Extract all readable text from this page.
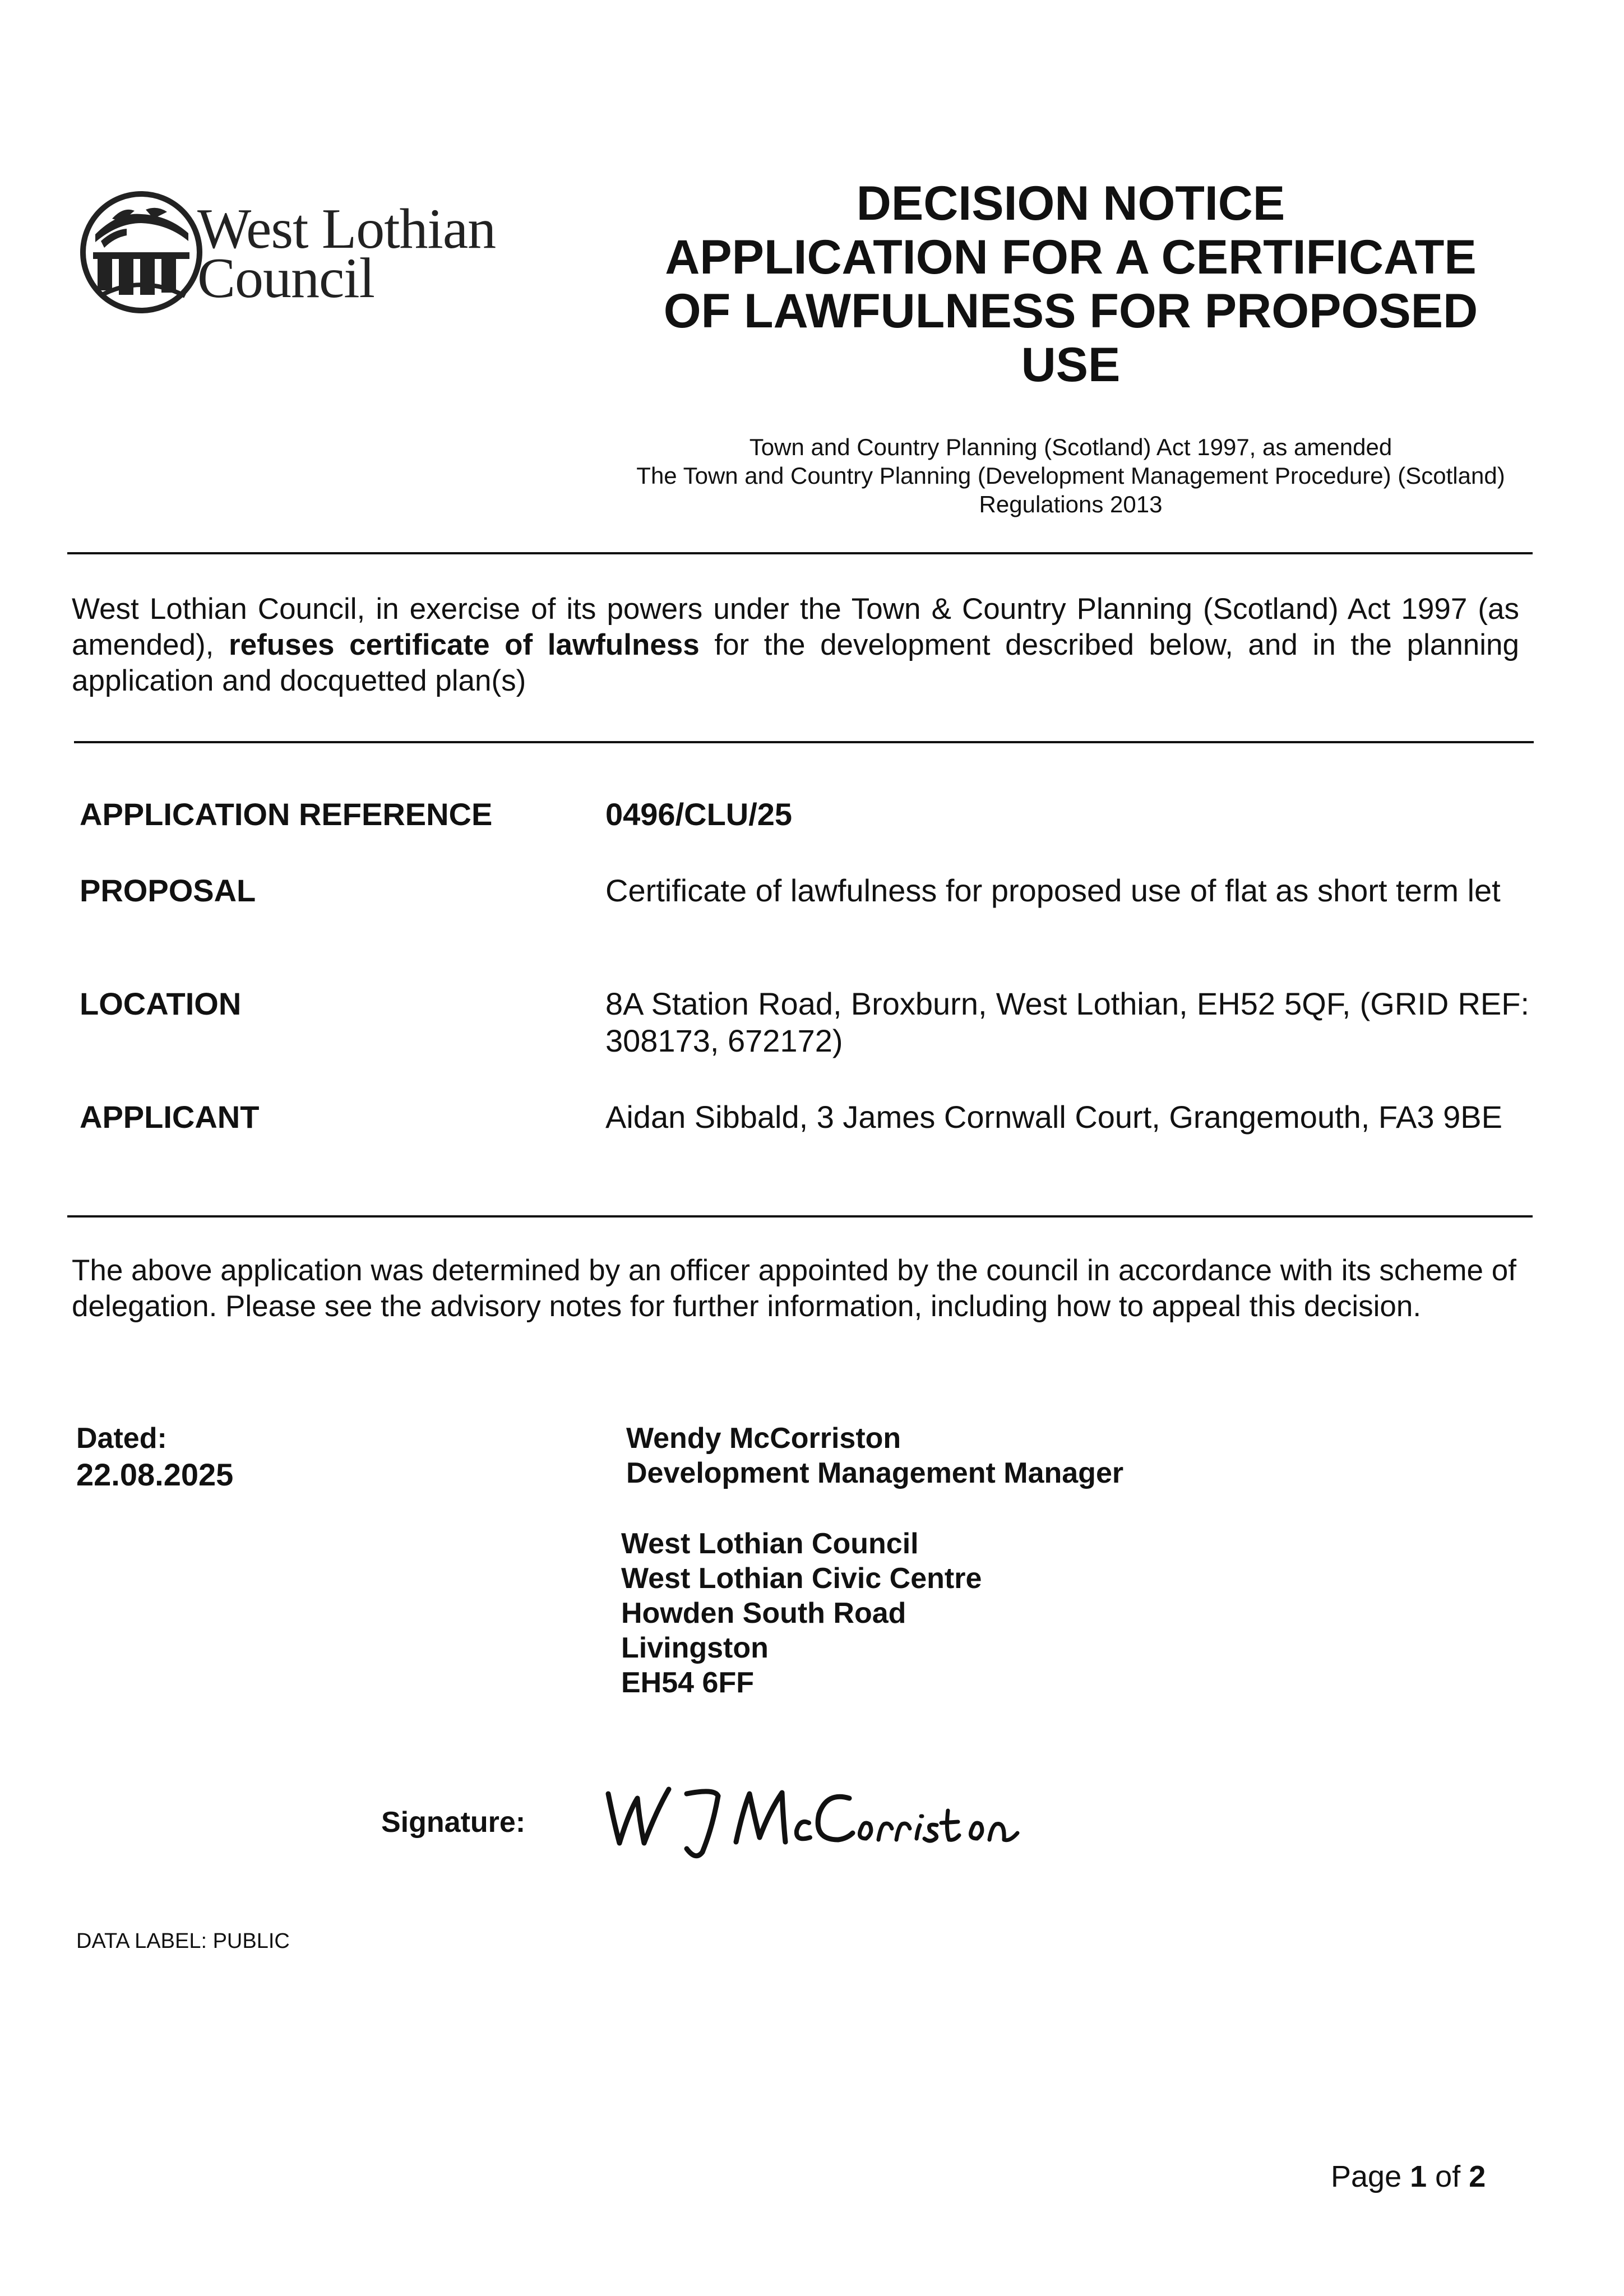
West Lothian
Council
DECISION NOTICE
APPLICATION FOR A CERTIFICATE
OF LAWFULNESS FOR PROPOSED
USE
Town and Country Planning (Scotland) Act 1997, as amended
The Town and Country Planning (Development Management Procedure) (Scotland)
Regulations 2013
West Lothian Council, in exercise of its powers under the Town & Country Planning (Scotland) Act 1997 (as amended), refuses certificate of lawfulness for the development described below, and in the planning application and docquetted plan(s)
APPLICATION REFERENCE	0496/CLU/25
PROPOSAL	Certificate of lawfulness for proposed use of flat as short term let
LOCATION	8A Station Road, Broxburn, West Lothian, EH52 5QF, (GRID REF: 308173, 672172)
APPLICANT	Aidan Sibbald, 3 James Cornwall Court, Grangemouth, FA3 9BE
The above application was determined by an officer appointed by the council in accordance with its scheme of delegation. Please see the advisory notes for further information, including how to appeal this decision.
Dated:
22.08.2025
Wendy McCorriston
Development Management Manager
West Lothian Council
West Lothian Civic Centre
Howden South Road
Livingston
EH54 6FF
Signature:
DATA LABEL: PUBLIC
Page 1 of 2
